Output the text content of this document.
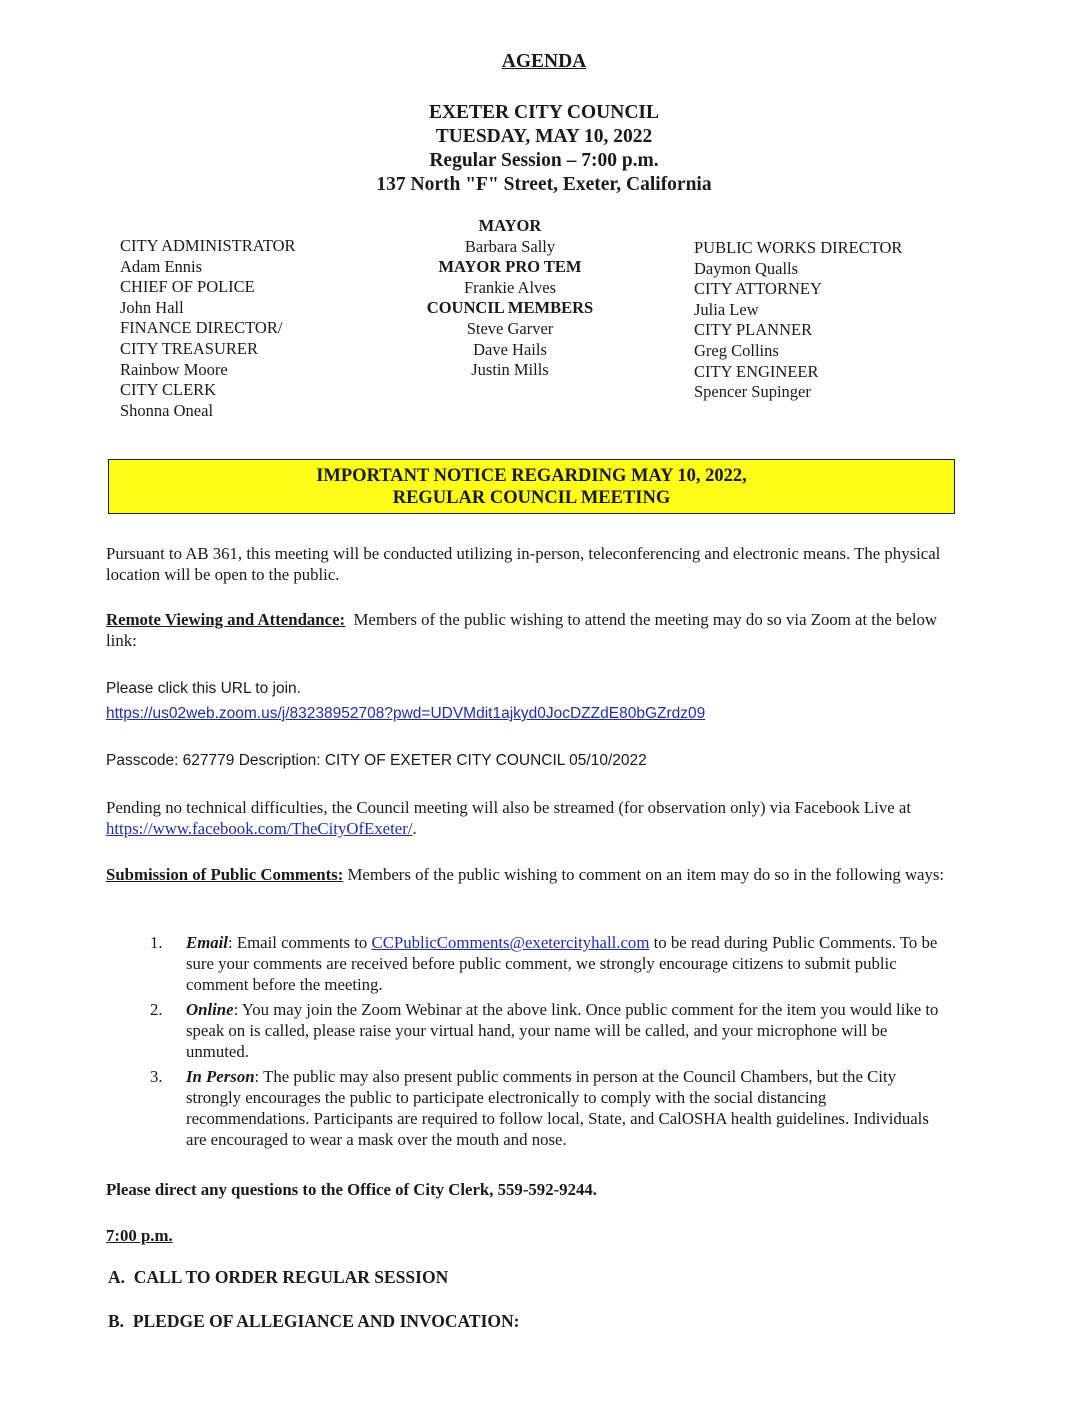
AGENDA
EXETER CITY COUNCIL
TUESDAY, MAY 10, 2022
Regular Session – 7:00 p.m.
137 North "F" Street, Exeter, California
CITY ADMINISTRATOR
Adam Ennis
CHIEF OF POLICE
John Hall
FINANCE DIRECTOR/
CITY TREASURER
Rainbow Moore
CITY CLERK
Shonna Oneal
MAYOR
Barbara Sally
MAYOR PRO TEM
Frankie Alves
COUNCIL MEMBERS
Steve Garver
Dave Hails
Justin Mills
PUBLIC WORKS DIRECTOR
Daymon Qualls
CITY ATTORNEY
Julia Lew
CITY PLANNER
Greg Collins
CITY ENGINEER
Spencer Supinger
IMPORTANT NOTICE REGARDING MAY 10, 2022,
REGULAR COUNCIL MEETING
Pursuant to AB 361, this meeting will be conducted utilizing in-person, teleconferencing and electronic means. The physical location will be open to the public.
Remote Viewing and Attendance: Members of the public wishing to attend the meeting may do so via Zoom at the below link:
Please click this URL to join.
https://us02web.zoom.us/j/83238952708?pwd=UDVMdit1ajkyd0JocDZZdE80bGZrdz09
Passcode: 627779 Description: CITY OF EXETER CITY COUNCIL 05/10/2022
Pending no technical difficulties, the Council meeting will also be streamed (for observation only) via Facebook Live at https://www.facebook.com/TheCityOfExeter/.
Submission of Public Comments: Members of the public wishing to comment on an item may do so in the following ways:
1.	Email: Email comments to CCPublicComments@exetercityhall.com to be read during Public Comments. To be sure your comments are received before public comment, we strongly encourage citizens to submit public comment before the meeting.
2.	Online: You may join the Zoom Webinar at the above link. Once public comment for the item you would like to speak on is called, please raise your virtual hand, your name will be called, and your microphone will be unmuted.
3.	In Person: The public may also present public comments in person at the Council Chambers, but the City strongly encourages the public to participate electronically to comply with the social distancing recommendations. Participants are required to follow local, State, and CalOSHA health guidelines. Individuals are encouraged to wear a mask over the mouth and nose.
Please direct any questions to the Office of City Clerk, 559-592-9244.
7:00 p.m.
A. CALL TO ORDER REGULAR SESSION
B. PLEDGE OF ALLEGIANCE AND INVOCATION:
